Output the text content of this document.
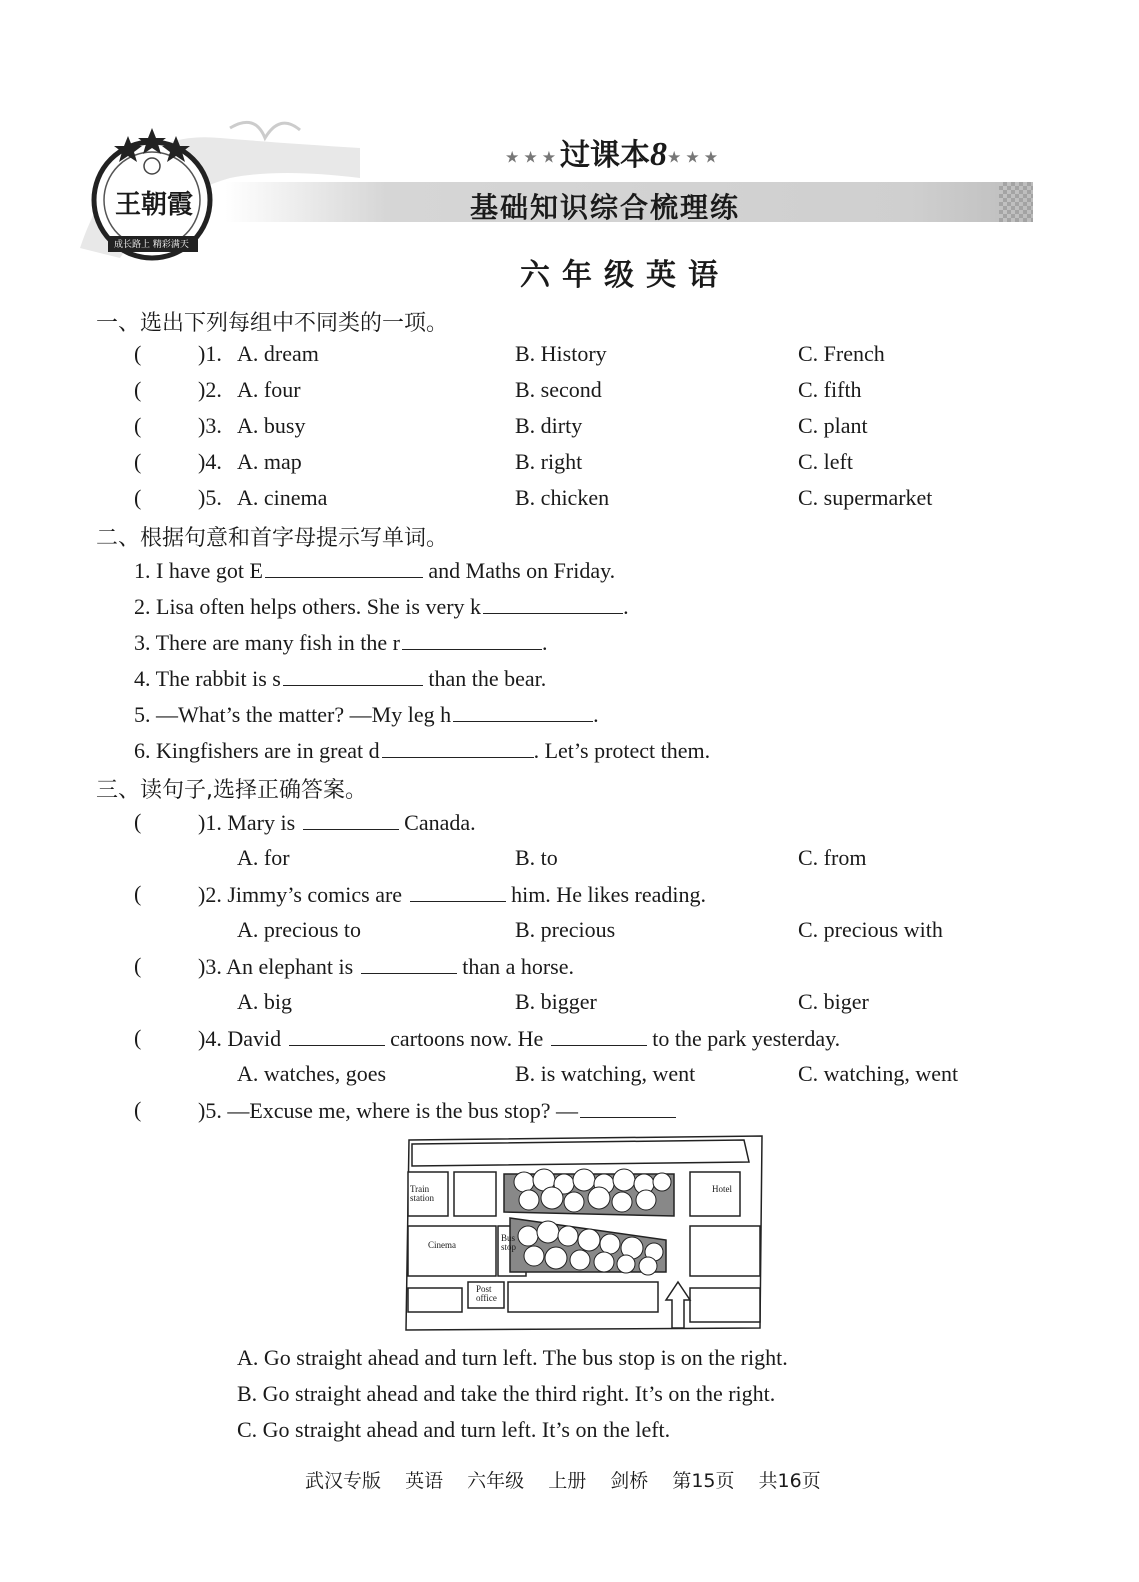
王朝霞
成长路上 精彩满天
★★★过课本8★★★
基础知识综合梳理练
六年级英语
一、选出下列每组中不同类的一项。
(	)1. A. dream	B. History	C. French
(	)2. A. four	B. second	C. fifth
(	)3. A. busy	B. dirty	C. plant
(	)4. A. map	B. right	C. left
(	)5. A. cinema	B. chicken	C. supermarket
二、根据句意和首字母提示写单词。
1. I have got E	and Maths on Friday.
2. Lisa often helps others. She is very k	.
3. There are many fish in the r	.
4. The rabbit is s	than the bear.
5. —What’s the matter? —My leg h	.
6. Kingfishers are in great d	. Let’s protect them.
三、读句子,选择正确答案。
(	)1. Mary is	Canada.
A. for	B. to	C. from
(	)2. Jimmy’s comics are	him. He likes reading.
A. precious to	B. precious	C. precious with
(	)3. An elephant is	than a horse.
A. big	B. bigger	C. biger
(	)4. David	cartoons now. He	to the park yesterday.
A. watches, goes	B. is watching, went	C. watching, went
(	)5. —Excuse me, where is the bus stop? —
Train
station
Hotel
Cinema
Bus
stop
Post
office
A. Go straight ahead and turn left. The bus stop is on the right.
B. Go straight ahead and take the third right. It’s on the right.
C. Go straight ahead and turn left. It’s on the left.
武汉专版 英语 六年级 上册 剑桥 第15页 共16页
